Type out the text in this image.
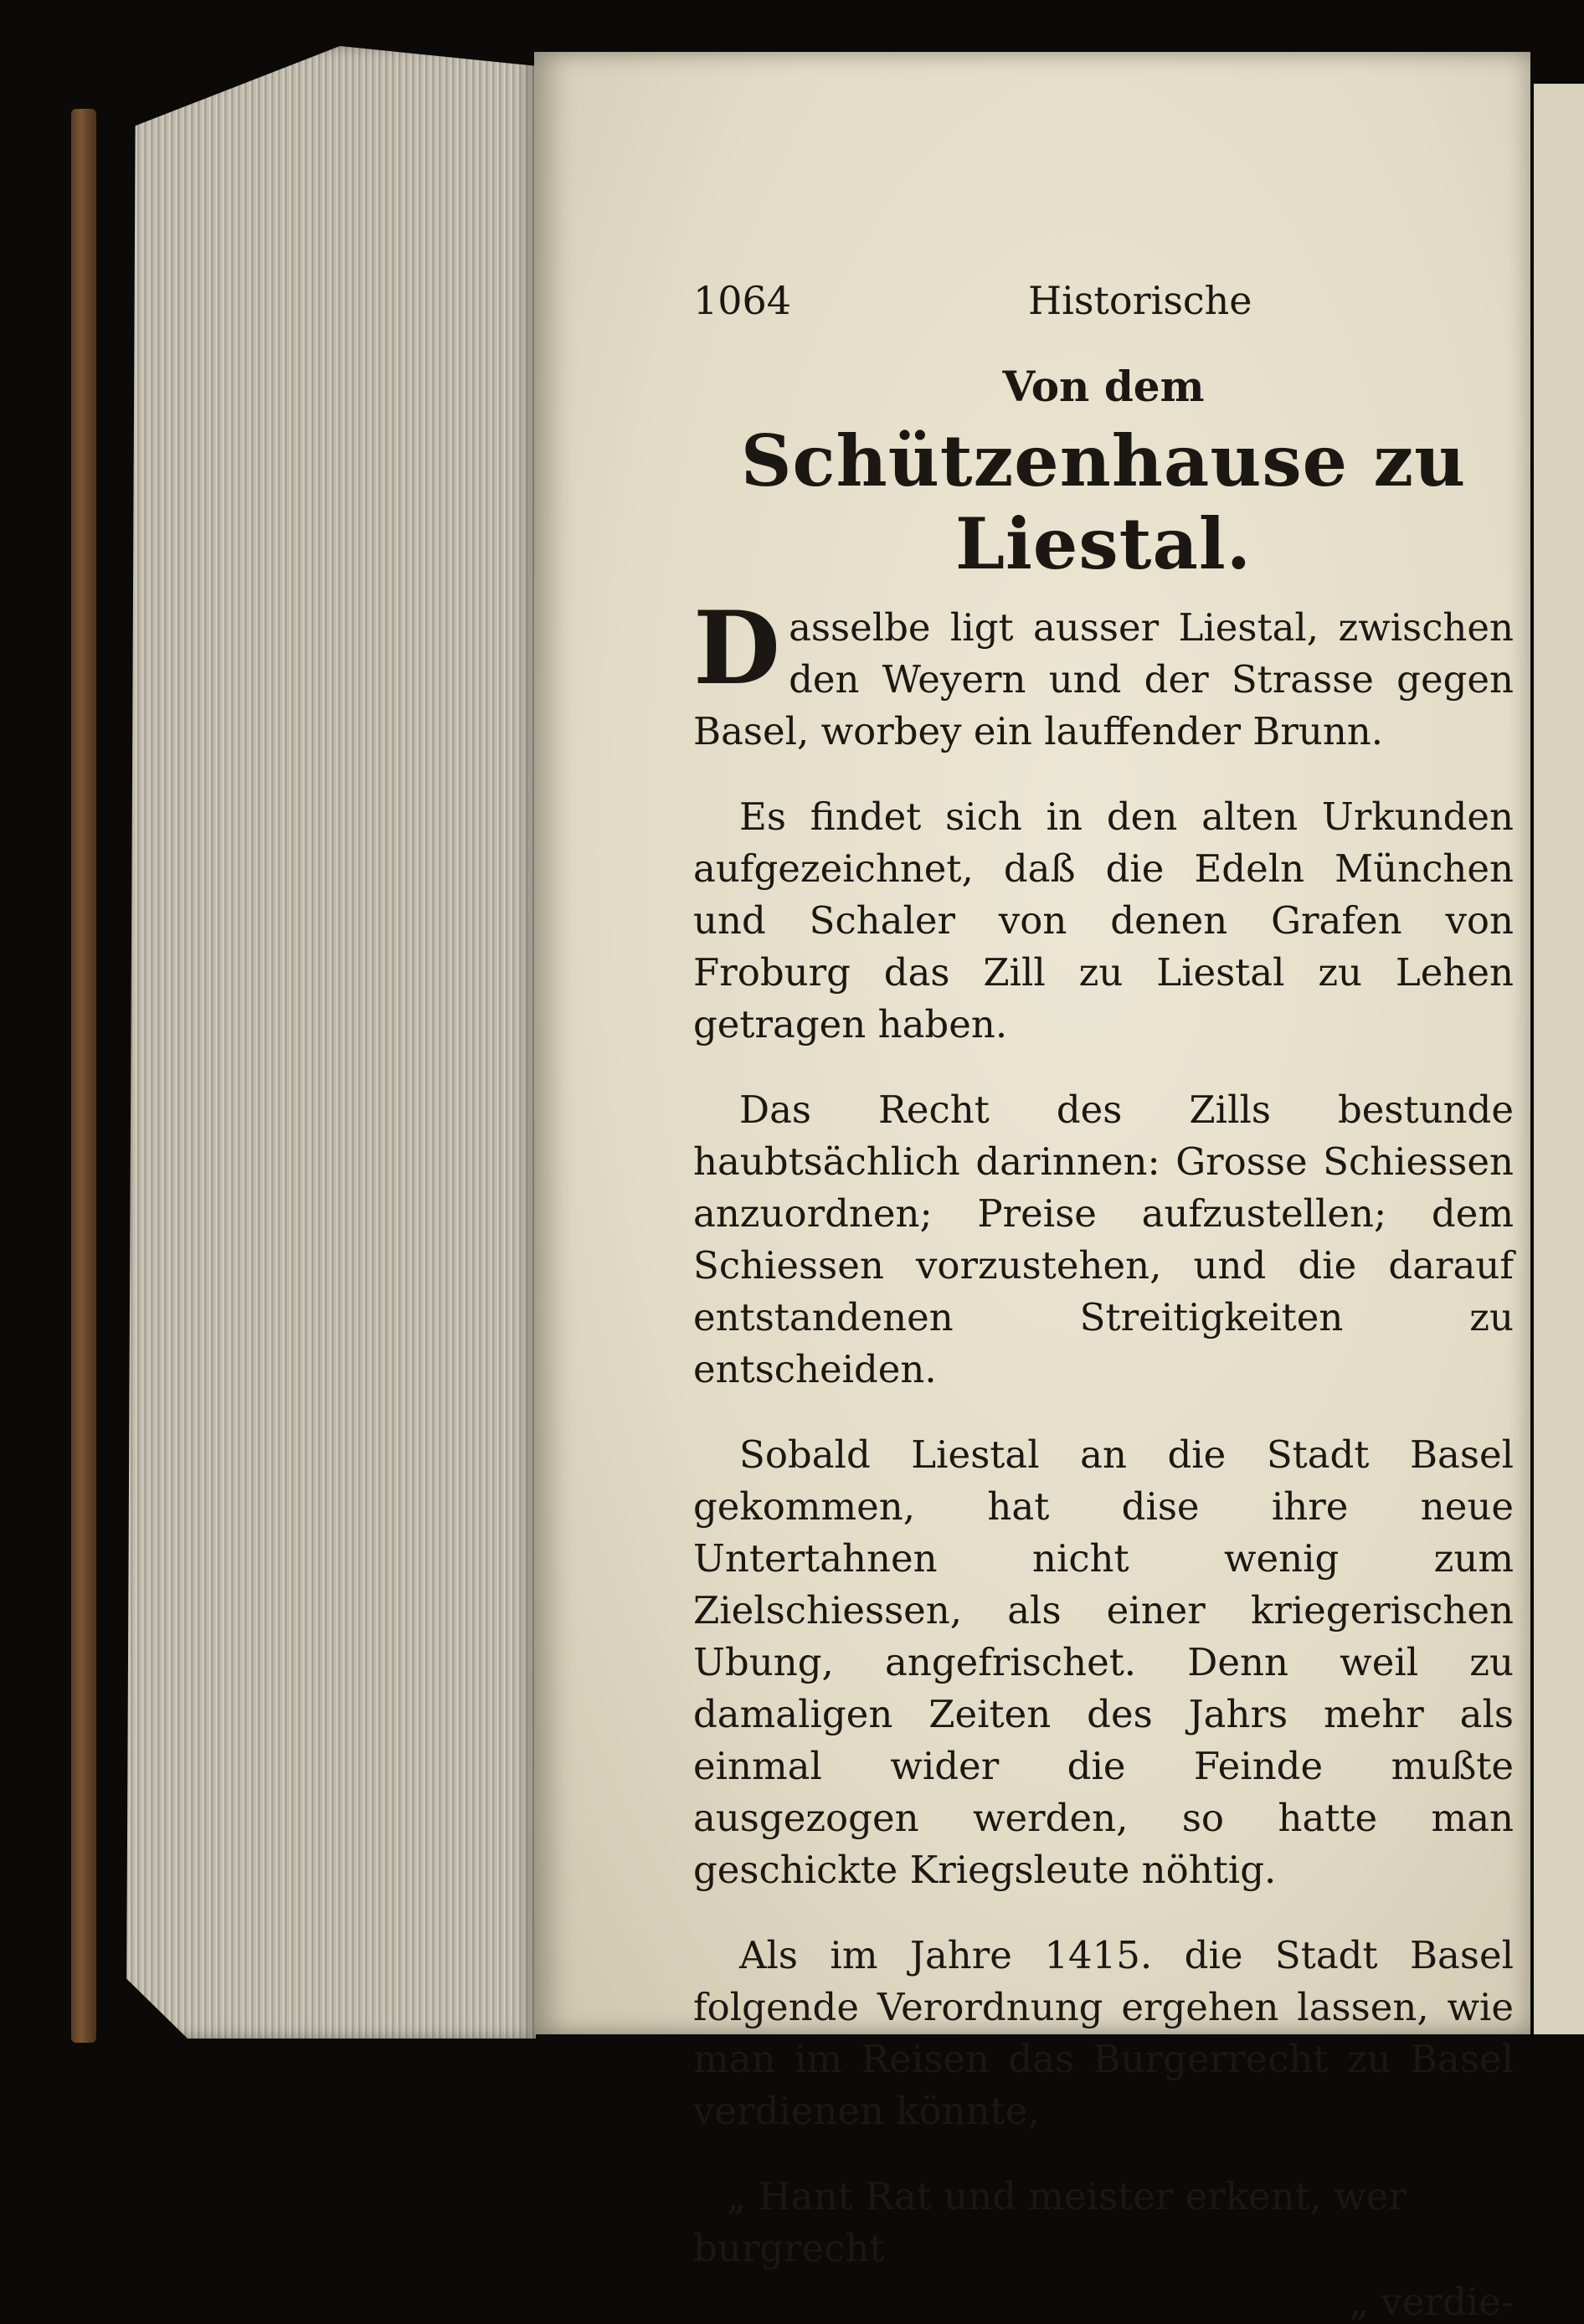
1064	Historische
Von dem
Schützenhause zu Liestal.
D asselbe ligt ausser Liestal, zwischen den Weyern und der Strasse gegen Basel, worbey ein lauffender Brunn.

Es findet sich in den alten Urkunden aufgezeichnet, daß die Edeln München und Schaler von denen Grafen von Froburg das Zill zu Liestal zu Lehen getragen haben.

Das Recht des Zills bestunde haubtsächlich darinnen: Grosse Schiessen anzuordnen; Preise aufzustellen; dem Schiessen vorzustehen, und die darauf entstandenen Streitigkeiten zu entscheiden.

Sobald Liestal an die Stadt Basel gekommen, hat dise ihre neue Untertahnen nicht wenig zum Zielschiessen, als einer kriegerischen Ubung, angefrischet. Denn weil zu damaligen Zeiten des Jahrs mehr als einmal wider die Feinde mußte ausgezogen werden, so hatte man geschickte Kriegsleute nöhtig.

Als im Jahre 1415. die Stadt Basel folgende Verordnung ergehen lassen, wie man im Reisen das Burgerrecht zu Basel verdienen könnte,

„ Hant Rat und meister erkent, wer burgrecht
„ verdie-
